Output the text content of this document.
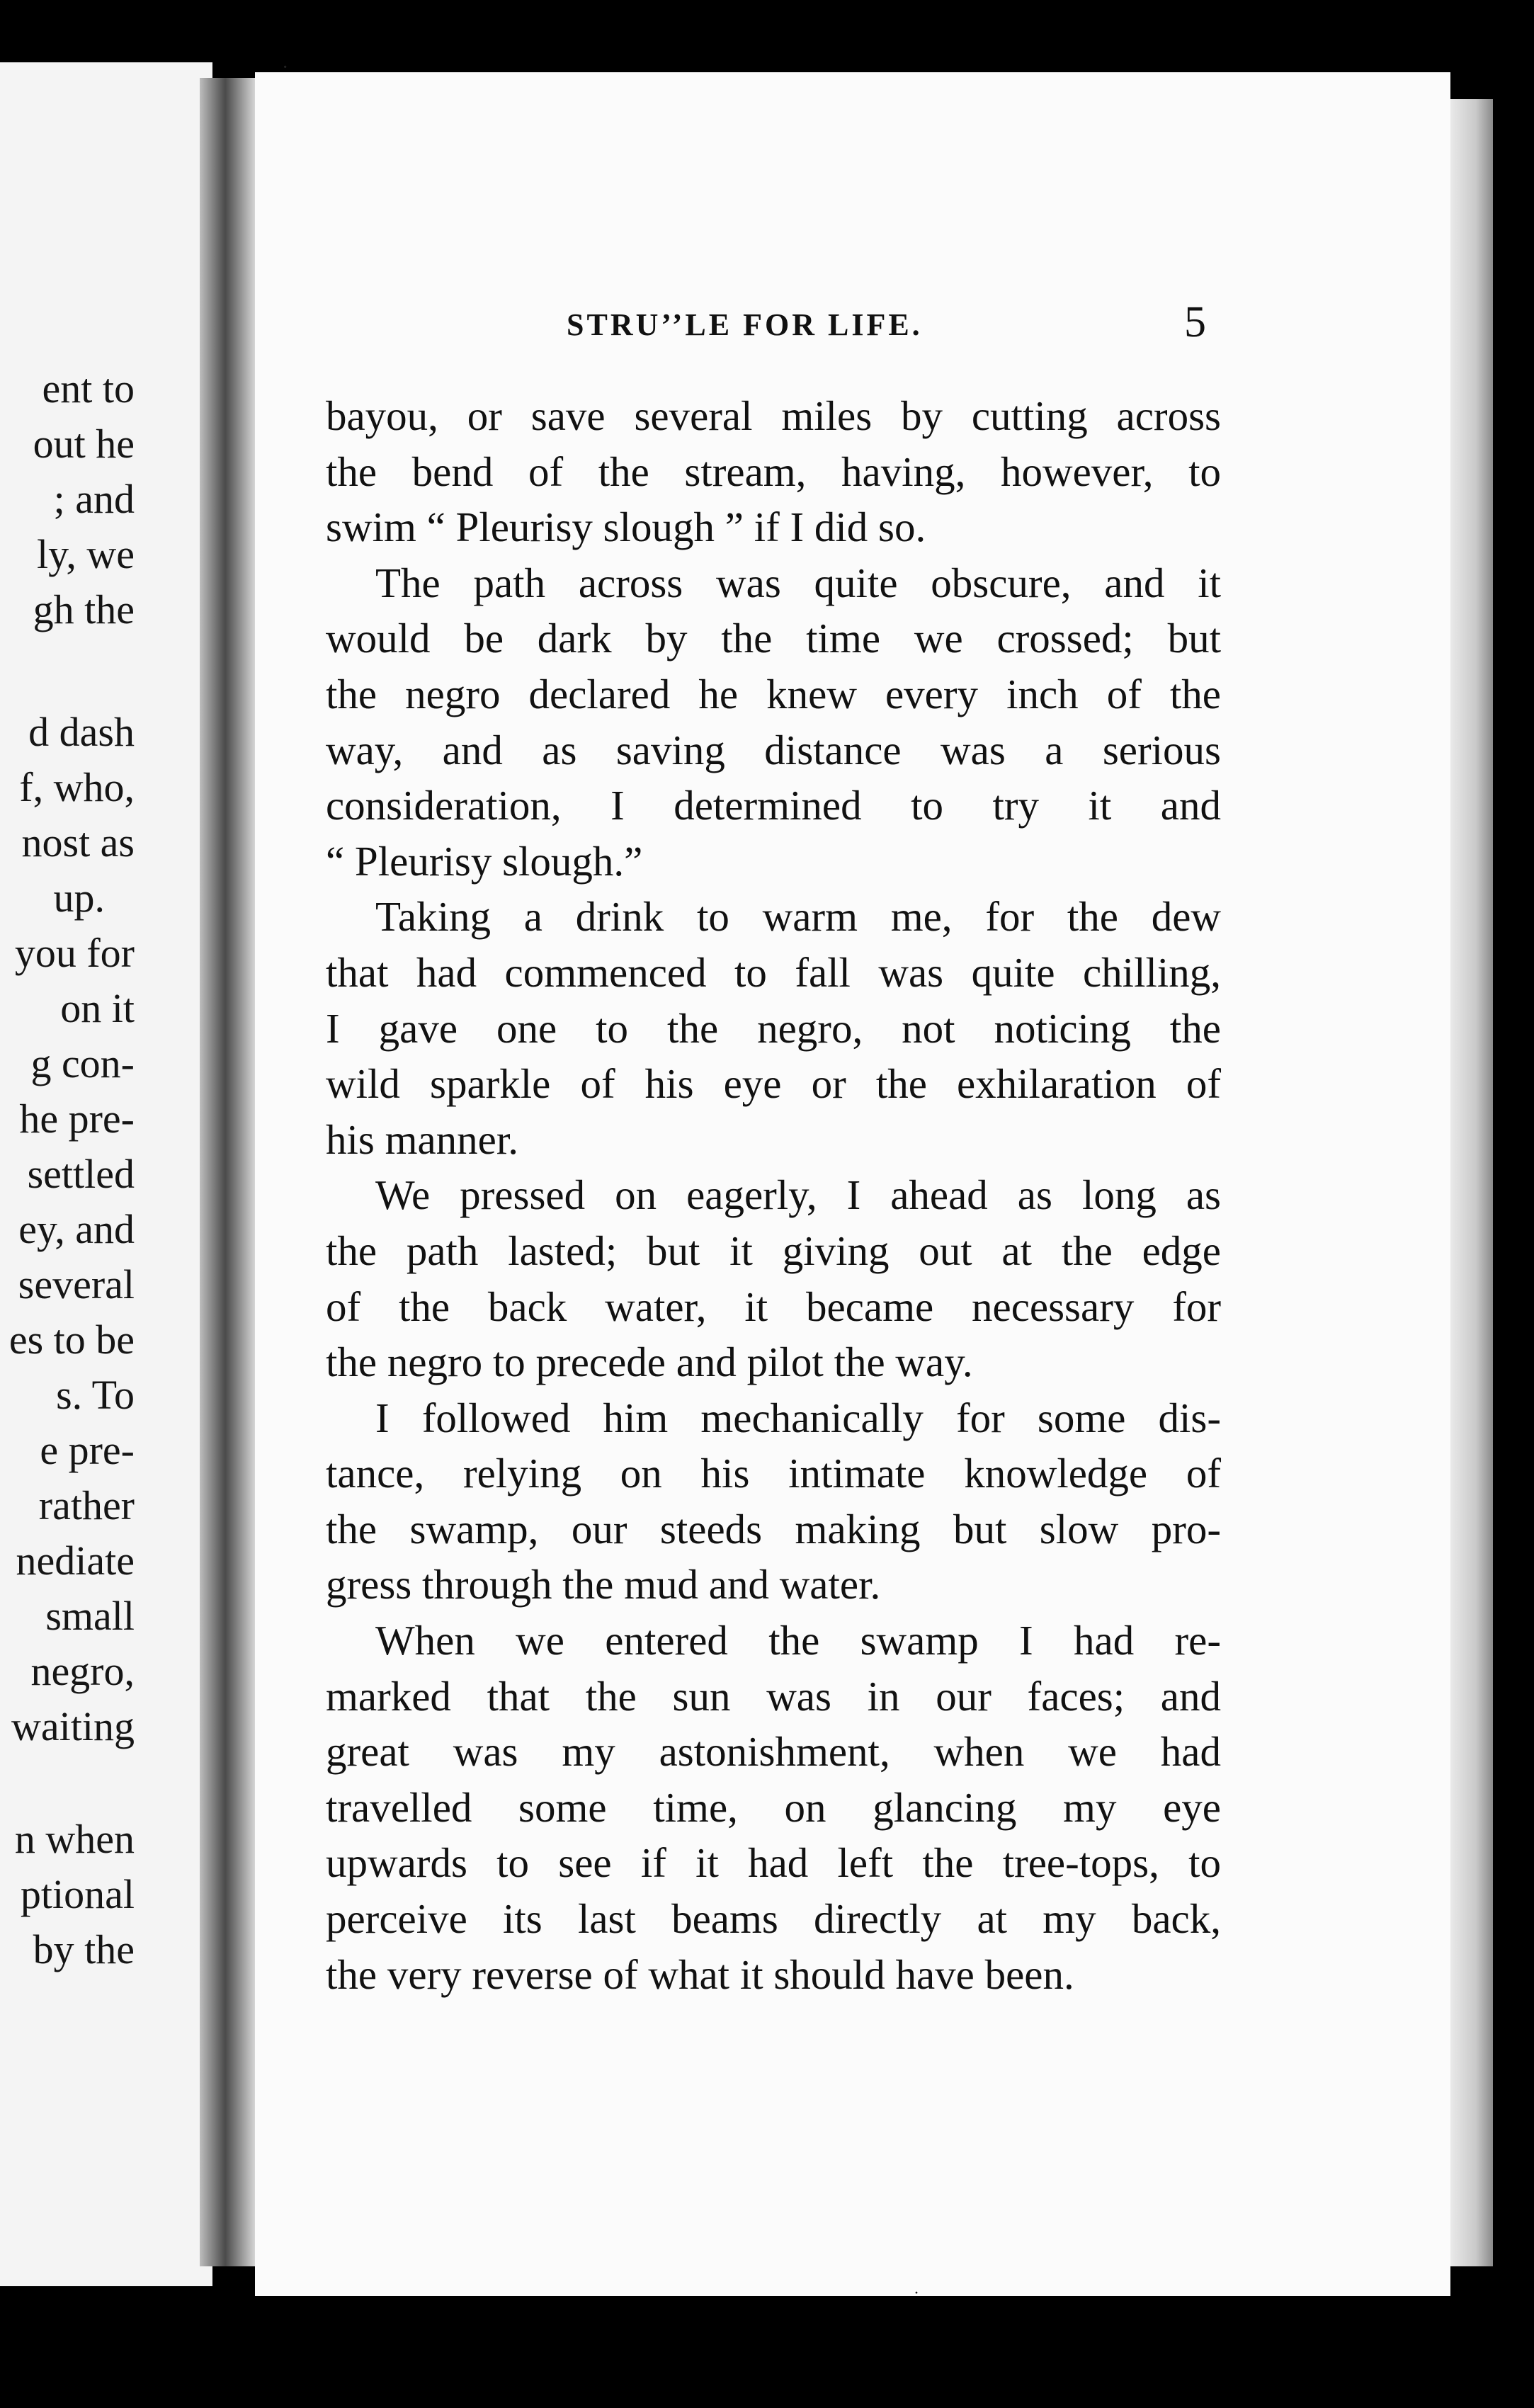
ent to
out he
; and
ly, we
gh the
d dash
f, who,
nost as
up.
you for
on it
g con-
he pre-
settled
ey, and
several
es to be
s. To
e pre-
rather
nediate
small
negro,
waiting
n when
ptional
by the
STRU’’LE FOR LIFE.	5
bayou, or save several miles by cutting across
the bend of the stream, having, however, to
swim “ Pleurisy slough ” if I did so.
The path across was quite obscure, and it
would be dark by the time we crossed; but
the negro declared he knew every inch of the
way, and as saving distance was a serious
consideration, I determined to try it and
“ Pleurisy slough.”
Taking a drink to warm me, for the dew
that had commenced to fall was quite chilling,
I gave one to the negro, not noticing the
wild sparkle of his eye or the exhilaration of
his manner.
We pressed on eagerly, I ahead as long as
the path lasted; but it giving out at the edge
of the back water, it became necessary for
the negro to precede and pilot the way.
I followed him mechanically for some dis-
tance, relying on his intimate knowledge of
the swamp, our steeds making but slow pro-
gress through the mud and water.
When we entered the swamp I had re-
marked that the sun was in our faces; and
great was my astonishment, when we had
travelled some time, on glancing my eye
upwards to see if it had left the tree-tops, to
perceive its last beams directly at my back,
the very reverse of what it should have been.
·
·
